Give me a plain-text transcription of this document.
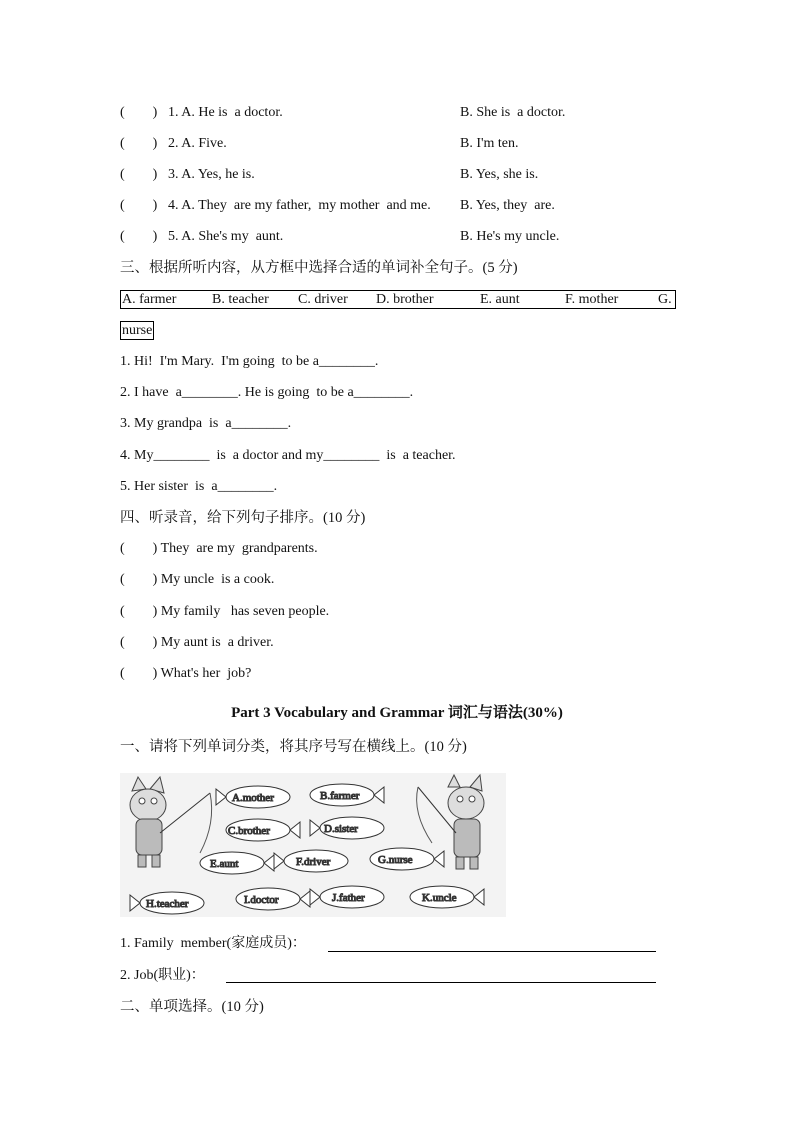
(        ) 1. A. He is  a doctor.	B. She is  a doctor.
(        ) 2. A. Five.	B. I'm ten.
(        ) 3. A. Yes, he is.	B. Yes, she is.
(        ) 4. A. They  are my father,  my mother  and me. B. Yes, they  are.
(        ) 5. A. She's my  aunt.	B. He's my uncle.
三、根据所听内容，从方框中选择合适的单词补全句子。(5 分)
A. farmer	B. teacher C. driver D. brother	E. aunt	F. mother	G.
nurse
1. Hi!  I'm Mary.  I'm going  to be a________.
2. I have  a________. He is going  to be a________.
3. My grandpa  is  a________.
4. My________  is  a doctor and my________  is  a teacher.
5. Her sister  is  a________.
四、听录音，给下列句子排序。(10 分)
(        ) They  are my  grandparents.
(        ) My uncle  is a cook.
(        ) My family   has seven people.
(        ) My aunt is  a driver.
(        ) What's her  job?
Part 3 Vocabulary and Grammar 词汇与语法(30%)
一、请将下列单词分类，将其序号写在横线上。(10 分)
A.mother	B.farmer
C.brother	D.sister
E.aunt	F.driver	G.nurse
H.teacher	I.doctor	J.father	K.uncle
1. Family  member(家庭成员)：
2. Job(职业)：
二、单项选择。(10 分)
